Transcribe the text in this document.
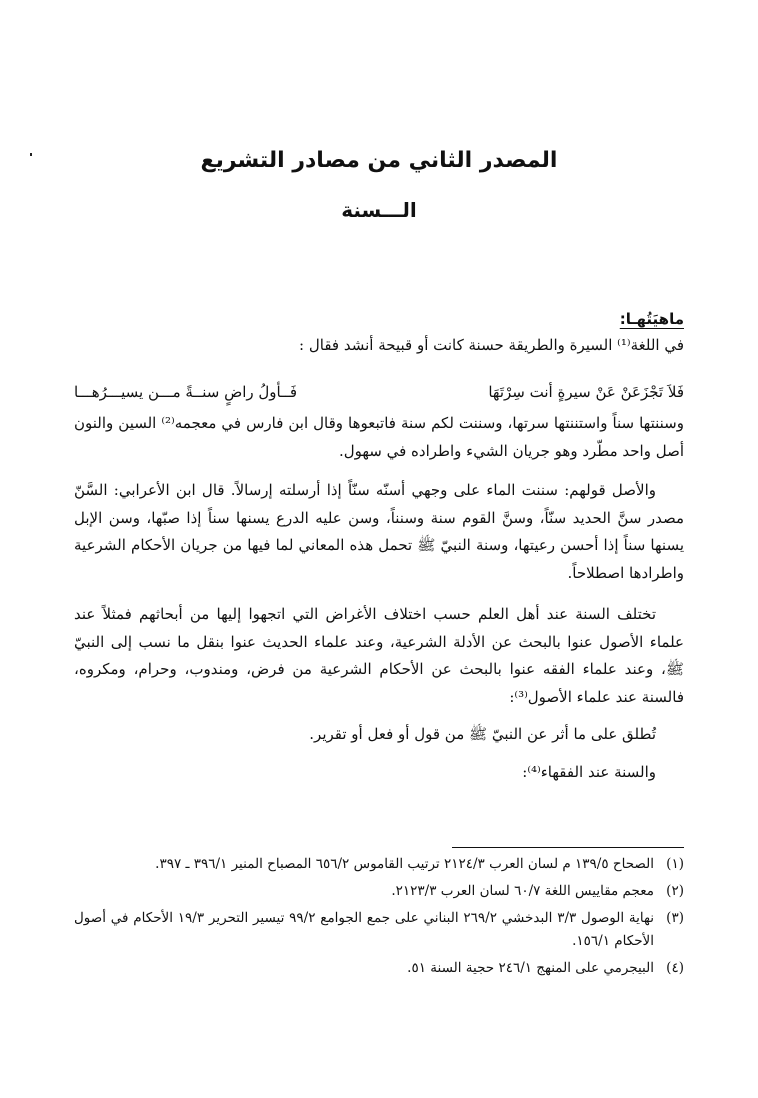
المصدر الثاني من مصادر التشريع
الـــسنة
ماهيَتُهـا:

في اللغة⁽¹⁾ السيرة والطريقة حسنة كانت أو قبيحة أنشد فقال :

فَلاَ تَجْزَعَنْ عَنْ سيرةٍ أنت سِرْتَهَا
فَــأولُ راضٍ سنــةً مـــن يسيـــرُهـــا

وسننتها سناً واستننتها سرتها، وسننت لكم سنة فاتبعوها وقال ابن فارس في معجمه⁽²⁾ السين والنون أصل واحد مطّرد وهو جريان الشيء واطراده في سهول.

والأصل قولهم: سننت الماء على وجهي أسنّه سنّاً إذا أرسلته إرسالاً. قال ابن الأعرابي: السَّنّ مصدر سنَّ الحديد سنّاً، وسنَّ القوم سنة وسنناً، وسن عليه الدرع يسنها سناً إذا صبّها، وسن الإبل يسنها سناً إذا أحسن رعيتها، وسنة النبيّ ﷺ تحمل هذه المعاني لما فيها من جريان الأحكام الشرعية واطرادها اصطلاحاً.

تختلف السنة عند أهل العلم حسب اختلاف الأغراض التي اتجهوا إليها من أبحاثهم فمثلاً عند علماء الأصول عنوا بالبحث عن الأدلة الشرعية، وعند علماء الحديث عنوا بنقل ما نسب إلى النبيّ ﷺ، وعند علماء الفقه عنوا بالبحث عن الأحكام الشرعية من فرض، ومندوب، وحرام، ومكروه، فالسنة عند علماء الأصول⁽³⁾:

تُطلق على ما أثر عن النبيّ ﷺ من قول أو فعل أو تقرير.

والسنة عند الفقهاء⁽⁴⁾:

(١)
الصحاح ١٣٩/٥ م لسان العرب ٢١٢٤/٣ ترتيب القاموس ٦٥٦/٢ المصباح المنير ٣٩٦/١ ـ ٣٩٧.
(٢)
معجم مقاييس اللغة ٦٠/٧ لسان العرب ٢١٢٣/٣.
(٣)
نهاية الوصول ٣/٣ البدخشي ٢٦٩/٢ البناني على جمع الجوامع ٩٩/٢ تيسير التحرير ١٩/٣ الأحكام في أصول الأحكام ١٥٦/١.
(٤)
البيجرمي على المنهج ٢٤٦/١ حجية السنة ٥١.
